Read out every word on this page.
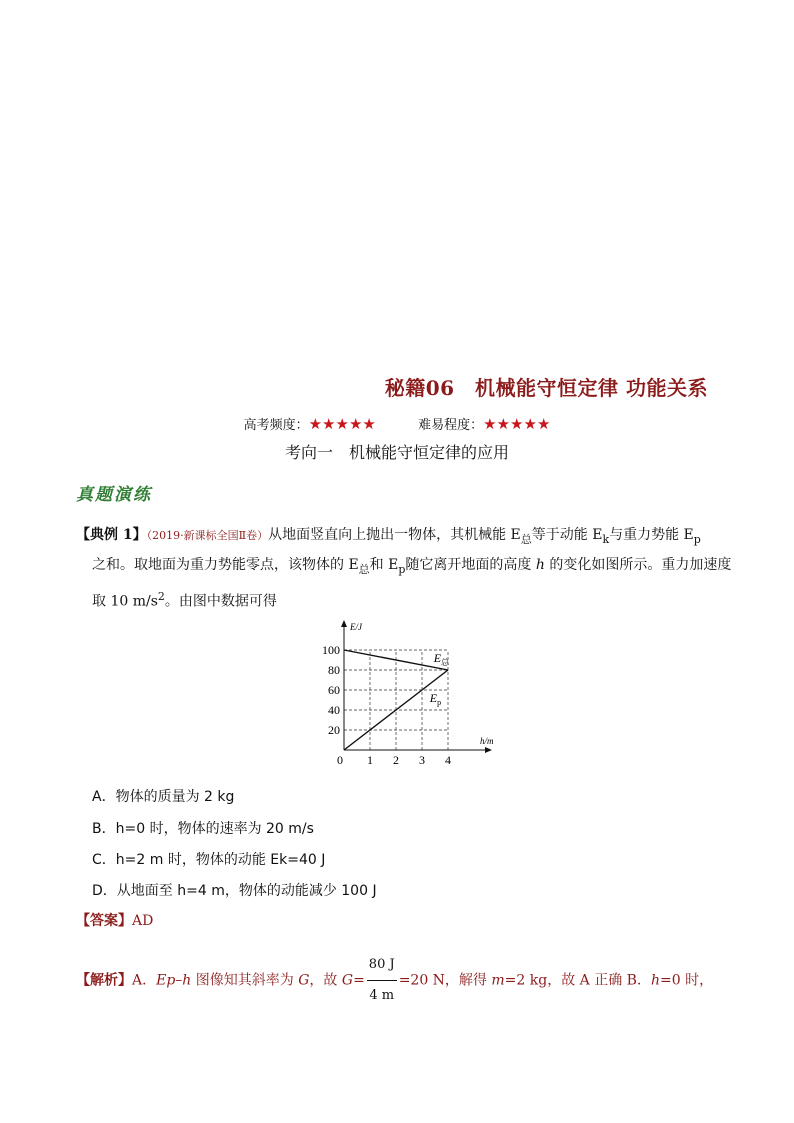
秘籍06　机械能守恒定律 功能关系
高考频度：★★★★★	难易程度：★★★★★
考向一　机械能守恒定律的应用
真题演练
【典例 1】（2019·新课标全国Ⅱ卷）从地面竖直向上抛出一物体，其机械能 $E_总$等于动能 $E_k$与重力势能 $E_p$
之和。取地面为重力势能零点，该物体的 $E_总$和 $E_p$随它离开地面的高度 h 的变化如图所示。重力加速度
取 10 $m/s^2$。由图中数据可得
0 1 2 3 4
20
40
60
80
100
h/m
E/J
$E_总$
$E_p$
A．物体的质量为 2 kg
B．h=0 时，物体的速率为 20 m/s
C．h=2 m 时，物体的动能 Ek=40 J
D．从地面至 h=4 m，物体的动能减少 100 J
【答案】AD
【解析】A．Ep–h 图像知其斜率为 G，故 $G= \frac{80 J}{4 m} =20$ N，解得 m=2 kg，故 A 正确 B．h=0 时，
